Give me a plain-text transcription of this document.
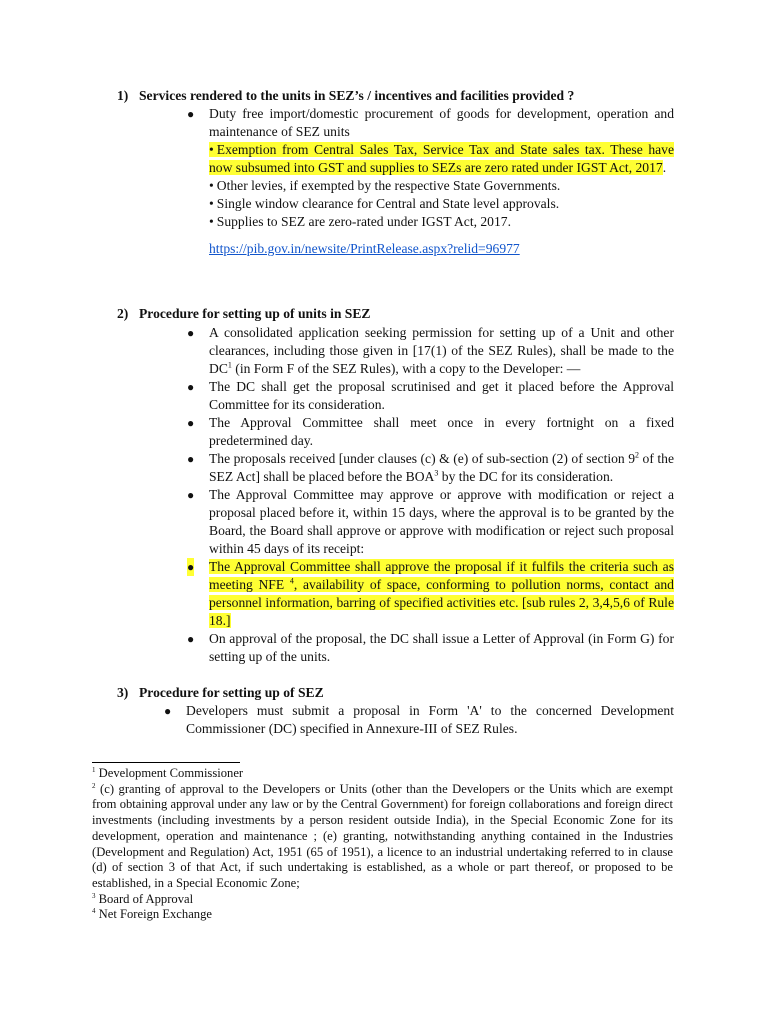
1) Services rendered to the units in SEZ’s / incentives and facilities provided ?
● Duty free import/domestic procurement of goods for development, operation and maintenance of SEZ units
• Exemption from Central Sales Tax, Service Tax and State sales tax. These have now subsumed into GST and supplies to SEZs are zero rated under IGST Act, 2017.
• Other levies, if exempted by the respective State Governments.
• Single window clearance for Central and State level approvals.
• Supplies to SEZ are zero-rated under IGST Act, 2017.
https://pib.gov.in/newsite/PrintRelease.aspx?relid=96977
2) Procedure for setting up of units in SEZ
● A consolidated application seeking permission for setting up of a Unit and other clearances, including those given in [17(1) of the SEZ Rules), shall be made to the $DC^1$ (in Form F of the SEZ Rules), with a copy to the Developer: —
● The DC shall get the proposal scrutinised and get it placed before the Approval Committee for its consideration.
● The Approval Committee shall meet once in every fortnight on a fixed predetermined day.
● The proposals received [under clauses (c) & (e) of sub-section (2) of section $9^2$ of the SEZ Act] shall be placed before the BOA$^3$ by the DC for its consideration.
● The Approval Committee may approve or approve with modification or reject a proposal placed before it, within 15 days, where the approval is to be granted by the Board, the Board shall approve or approve with modification or reject such proposal within 45 days of its receipt:
● The Approval Committee shall approve the proposal if it fulfils the criteria such as meeting NFE $^4$, availability of space, conforming to pollution norms, contact and personnel information, barring of specified activities etc. [sub rules 2, 3,4,5,6 of Rule 18.]
● On approval of the proposal, the DC shall issue a Letter of Approval (in Form G) for setting up of the units.
3) Procedure for setting up of SEZ
● Developers must submit a proposal in Form 'A' to the concerned Development Commissioner (DC) specified in Annexure-III of SEZ Rules.

$^1$ Development Commissioner

$^2$ (c) granting of approval to the Developers or Units (other than the Developers or the Units which are exempt from obtaining approval under any law or by the Central Government) for foreign collaborations and foreign direct investments (including investments by a person resident outside India), in the Special Economic Zone for its development, operation and maintenance ; (e) granting, notwithstanding anything contained in the Industries (Development and Regulation) Act, 1951 (65 of 1951), a licence to an industrial undertaking referred to in clause (d) of section 3 of that Act, if such undertaking is established, as a whole or part thereof, or proposed to be established, in a Special Economic Zone;

$^3$ Board of Approval

$^4$ Net Foreign Exchange
